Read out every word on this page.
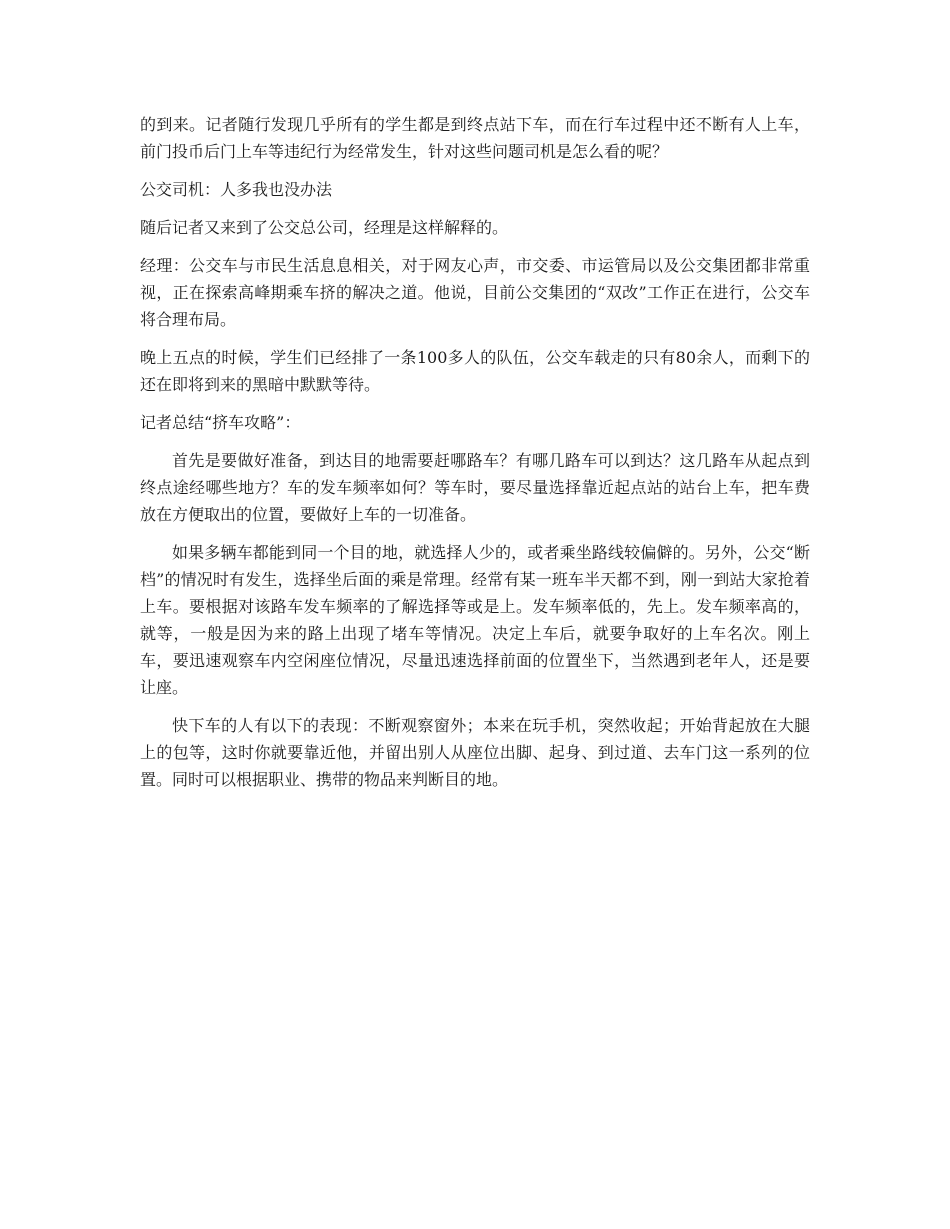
的到来。记者随行发现几乎所有的学生都是到终点站下车，而在行车过程中还不断有人上车，前门投币后门上车等违纪行为经常发生，针对这些问题司机是怎么看的呢？

公交司机：人多我也没办法

随后记者又来到了公交总公司，经理是这样解释的。

经理：公交车与市民生活息息相关，对于网友心声，市交委、市运管局以及公交集团都非常重视，正在探索高峰期乘车挤的解决之道。他说，目前公交集团的“双改”工作正在进行，公交车将合理布局。

晚上五点的时候，学生们已经排了一条100多人的队伍，公交车载走的只有80余人，而剩下的还在即将到来的黑暗中默默等待。

记者总结“挤车攻略”：

首先是要做好准备，到达目的地需要赶哪路车？有哪几路车可以到达？这几路车从起点到终点途经哪些地方？车的发车频率如何？等车时，要尽量选择靠近起点站的站台上车，把车费放在方便取出的位置，要做好上车的一切准备。

如果多辆车都能到同一个目的地，就选择人少的，或者乘坐路线较偏僻的。另外，公交“断档”的情况时有发生，选择坐后面的乘是常理。经常有某一班车半天都不到，刚一到站大家抢着上车。要根据对该路车发车频率的了解选择等或是上。发车频率低的，先上。发车频率高的，就等，一般是因为来的路上出现了堵车等情况。决定上车后，就要争取好的上车名次。刚上车，要迅速观察车内空闲座位情况，尽量迅速选择前面的位置坐下，当然遇到老年人，还是要让座。

快下车的人有以下的表现：不断观察窗外；本来在玩手机，突然收起；开始背起放在大腿上的包等，这时你就要靠近他，并留出别人从座位出脚、起身、到过道、去车门这一系列的位置。同时可以根据职业、携带的物品来判断目的地。
